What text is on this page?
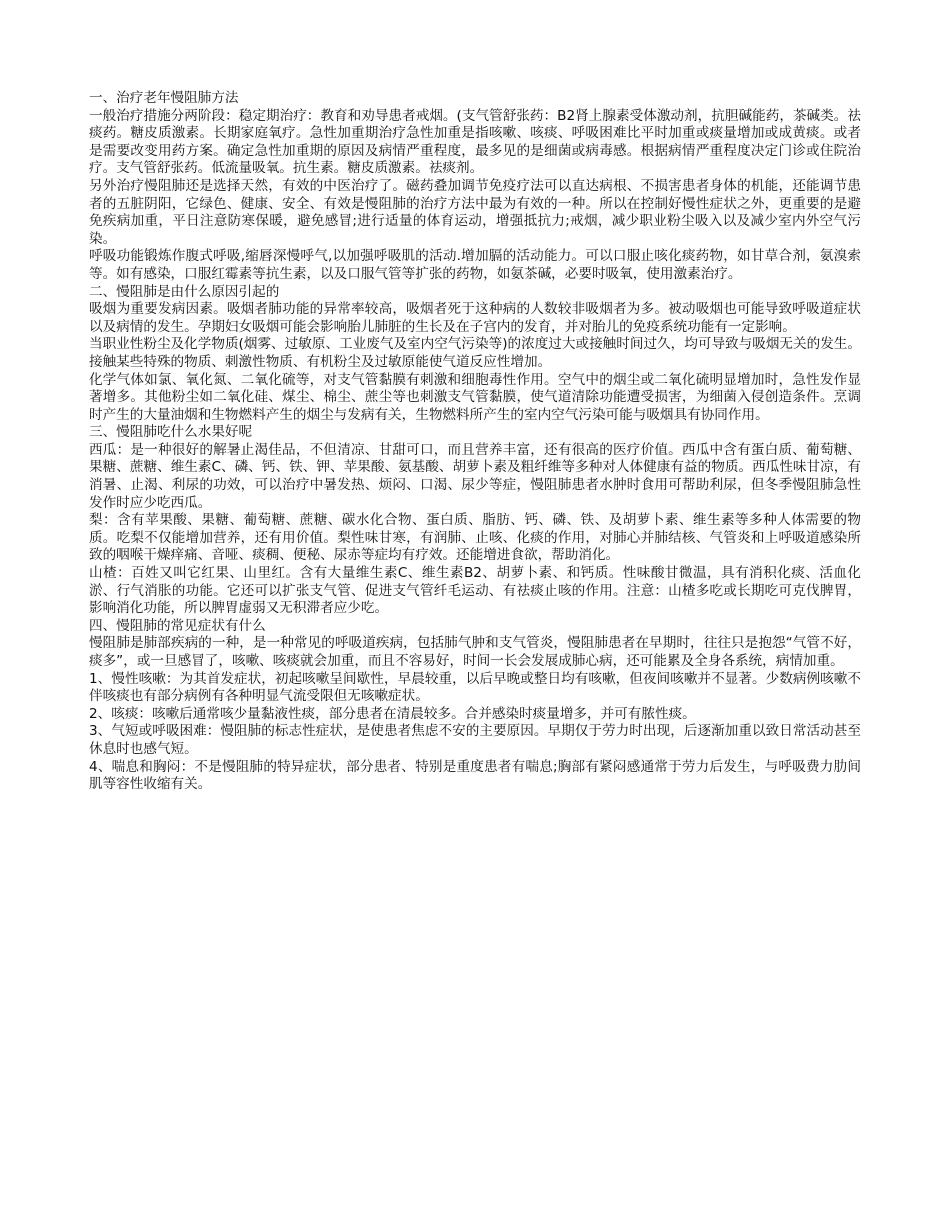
一、治疗老年慢阻肺方法

一般治疗措施分两阶段：稳定期治疗：教育和劝导患者戒烟。(支气管舒张药：B2肾上腺素受体激动剂，抗胆碱能药，茶碱类。祛痰药。糖皮质激素。长期家庭氧疗。急性加重期治疗急性加重是指咳嗽、咳痰、呼吸困难比平时加重或痰量增加或成黄痰。或者是需要改变用药方案。确定急性加重期的原因及病情严重程度，最多见的是细菌或病毒感。根据病情严重程度决定门诊或住院治疗。支气管舒张药。低流量吸氧。抗生素。糖皮质激素。祛痰剂。

另外治疗慢阻肺还是选择天然，有效的中医治疗了。磁药叠加调节免疫疗法可以直达病根、不损害患者身体的机能，还能调节患者的五脏阴阳，它绿色、健康、安全、有效是慢阻肺的治疗方法中最为有效的一种。所以在控制好慢性症状之外，更重要的是避免疾病加重，平日注意防寒保暖，避免感冒;进行适量的体育运动，增强抵抗力;戒烟，减少职业粉尘吸入以及减少室内外空气污染。

呼吸功能锻炼作腹式呼吸,缩唇深慢呼气,以加强呼吸肌的活动.增加膈的活动能力。可以口服止咳化痰药物，如甘草合剂，氨溴索等。如有感染，口服红霉素等抗生素，以及口服气管等扩张的药物，如氨茶碱，必要时吸氧，使用激素治疗。

二、慢阻肺是由什么原因引起的

吸烟为重要发病因素。吸烟者肺功能的异常率较高，吸烟者死于这种病的人数较非吸烟者为多。被动吸烟也可能导致呼吸道症状以及病情的发生。孕期妇女吸烟可能会影响胎儿肺脏的生长及在子宫内的发育，并对胎儿的免疫系统功能有一定影响。

当职业性粉尘及化学物质(烟雾、过敏原、工业废气及室内空气污染等)的浓度过大或接触时间过久，均可导致与吸烟无关的发生。接触某些特殊的物质、刺激性物质、有机粉尘及过敏原能使气道反应性增加。

化学气体如氯、氧化氮、二氧化硫等，对支气管黏膜有刺激和细胞毒性作用。空气中的烟尘或二氧化硫明显增加时，急性发作显著增多。其他粉尘如二氧化硅、煤尘、棉尘、蔗尘等也刺激支气管黏膜，使气道清除功能遭受损害，为细菌入侵创造条件。烹调时产生的大量油烟和生物燃料产生的烟尘与发病有关，生物燃料所产生的室内空气污染可能与吸烟具有协同作用。

三、慢阻肺吃什么水果好呢

西瓜：是一种很好的解暑止渴佳品，不但清凉、甘甜可口，而且营养丰富，还有很高的医疗价值。西瓜中含有蛋白质、葡萄糖、果糖、蔗糖、维生素C、磷、钙、铁、钾、苹果酸、氨基酸、胡萝卜素及粗纤维等多种对人体健康有益的物质。西瓜性味甘凉，有消暑、止渴、利尿的功效，可以治疗中暑发热、烦闷、口渴、尿少等症，慢阻肺患者水肿时食用可帮助利尿，但冬季慢阻肺急性发作时应少吃西瓜。

梨：含有苹果酸、果糖、葡萄糖、蔗糖、碳水化合物、蛋白质、脂肪、钙、磷、铁、及胡萝卜素、维生素等多种人体需要的物质。吃梨不仅能增加营养，还有用价值。梨性味甘寒，有润肺、止咳、化痰的作用，对肺心并肺结核、气管炎和上呼吸道感染所致的咽喉干燥痒痛、音哑、痰稠、便秘、尿赤等症均有疗效。还能增进食欲，帮助消化。

山楂：百姓又叫它红果、山里红。含有大量维生素C、维生素B2、胡萝卜素、和钙质。性味酸甘微温，具有消积化痰、活血化淤、行气消胀的功能。它还可以扩张支气管、促进支气管纤毛运动、有祛痰止咳的作用。注意：山楂多吃或长期吃可克伐脾胃，影响消化功能，所以脾胃虚弱又无积滞者应少吃。

四、慢阻肺的常见症状有什么

慢阻肺是肺部疾病的一种，是一种常见的呼吸道疾病，包括肺气肿和支气管炎，慢阻肺患者在早期时，往往只是抱怨“气管不好，痰多”，或一旦感冒了，咳嗽、咳痰就会加重，而且不容易好，时间一长会发展成肺心病，还可能累及全身各系统，病情加重。

1、慢性咳嗽：为其首发症状，初起咳嗽呈间歇性，早晨较重，以后早晚或整日均有咳嗽，但夜间咳嗽并不显著。少数病例咳嗽不伴咳痰也有部分病例有各种明显气流受限但无咳嗽症状。

2、咳痰：咳嗽后通常咳少量黏液性痰，部分患者在清晨较多。合并感染时痰量增多，并可有脓性痰。

3、气短或呼吸困难：慢阻肺的标志性症状，是使患者焦虑不安的主要原因。早期仅于劳力时出现，后逐渐加重以致日常活动甚至休息时也感气短。

4、喘息和胸闷：不是慢阻肺的特异症状，部分患者、特别是重度患者有喘息;胸部有紧闷感通常于劳力后发生，与呼吸费力肋间肌等容性收缩有关。
